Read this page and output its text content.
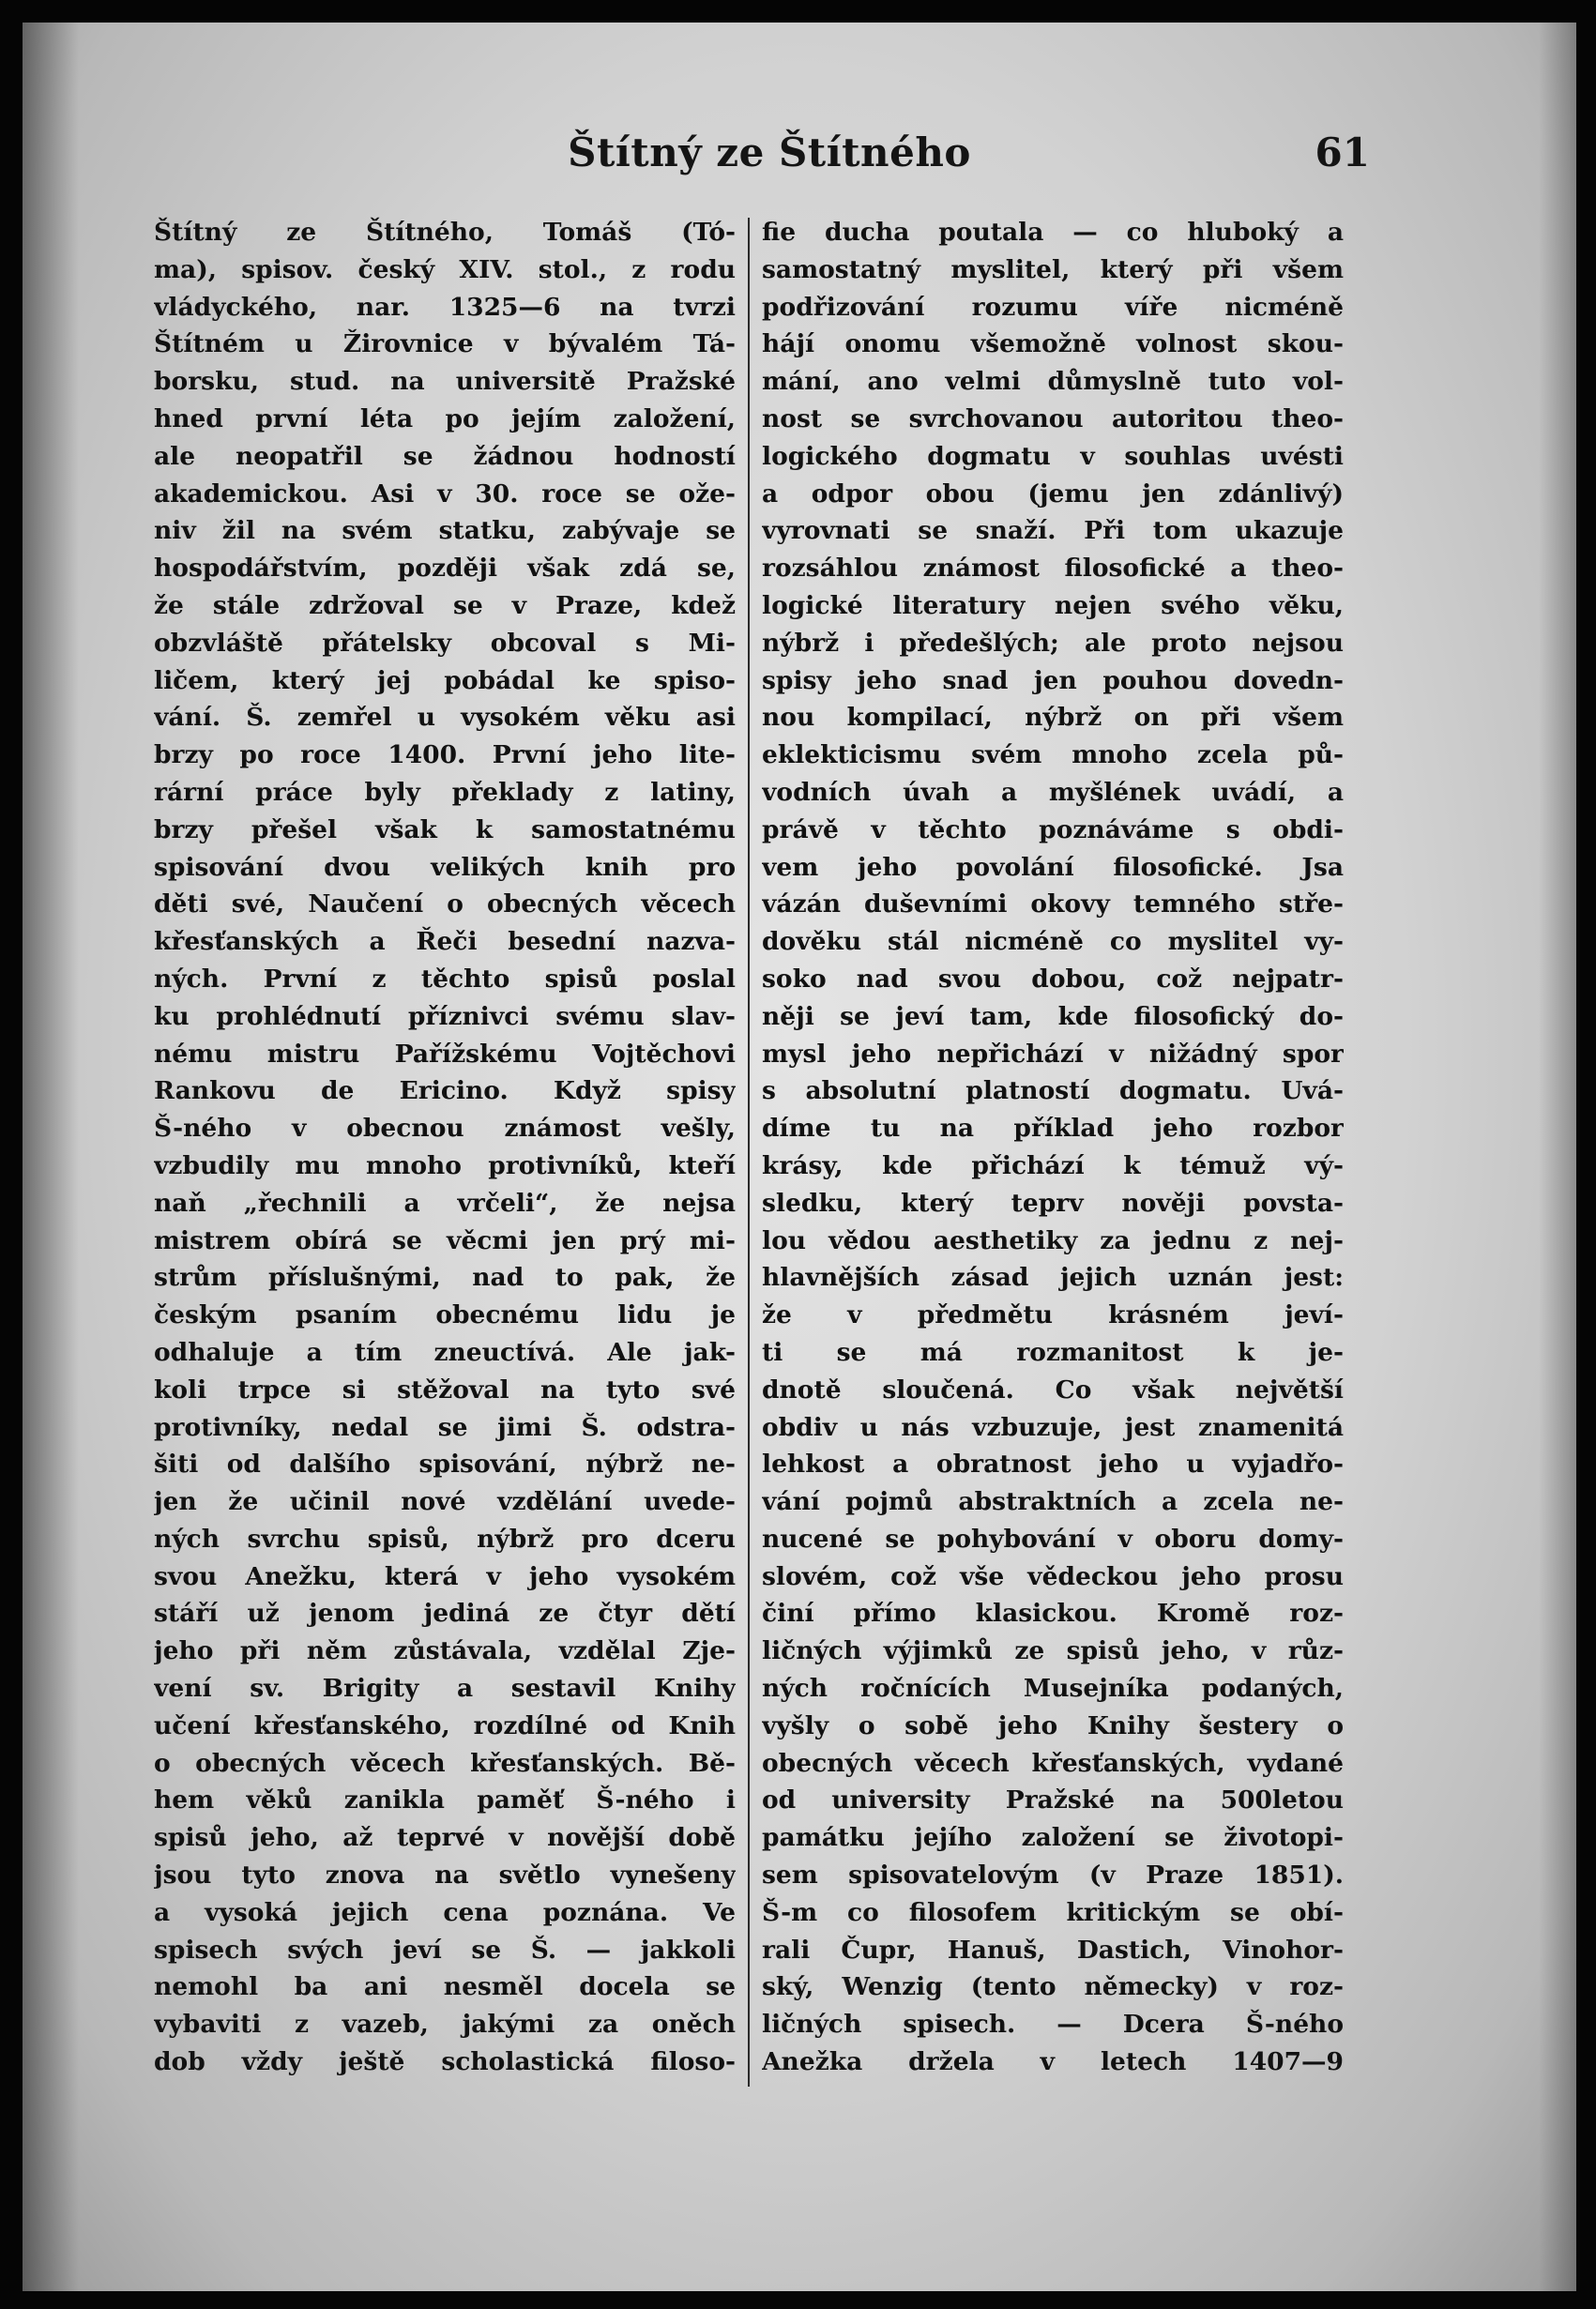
Štítný ze Štítného	61
Štítný ze Štítného, Tomáš (Tó-
ma), spisov. český XIV. stol., z rodu
vládyckého, nar. 1325—6 na tvrzi
Štítném u Žirovnice v bývalém Tá-
borsku, stud. na universitě Pražské
hned první léta po jejím založení,
ale neopatřil se žádnou hodností
akademickou. Asi v 30. roce se ože-
niv žil na svém statku, zabývaje se
hospodářstvím, později však zdá se,
že stále zdržoval se v Praze, kdež
obzvláště přátelsky obcoval s Mi-
ličem, který jej pobádal ke spiso-
vání. Š. zemřel u vysokém věku asi
brzy po roce 1400. První jeho lite-
rární práce byly překlady z latiny,
brzy přešel však k samostatnému
spisování dvou velikých knih pro
děti své, Naučení o obecných věcech
křesťanských a Řeči besední nazva-
ných. První z těchto spisů poslal
ku prohlédnutí příznivci svému slav-
nému mistru Pařížskému Vojtěchovi
Rankovu de Ericino. Když spisy
Š-ného v obecnou známost vešly,
vzbudily mu mnoho protivníků, kteří
naň „řechnili a vrčeli“, že nejsa
mistrem obírá se věcmi jen prý mi-
strům příslušnými, nad to pak, že
českým psaním obecnému lidu je
odhaluje a tím zneuctívá. Ale jak-
koli trpce si stěžoval na tyto své
protivníky, nedal se jimi Š. odstra-
šiti od dalšího spisování, nýbrž ne-
jen že učinil nové vzdělání uvede-
ných svrchu spisů, nýbrž pro dceru
svou Anežku, která v jeho vysokém
stáří už jenom jediná ze čtyr dětí
jeho při něm zůstávala, vzdělal Zje-
vení sv. Brigity a sestavil Knihy
učení křesťanského, rozdílné od Knih
o obecných věcech křesťanských. Bě-
hem věků zanikla paměť Š-ného i
spisů jeho, až teprvé v novější době
jsou tyto znova na světlo vynešeny
a vysoká jejich cena poznána. Ve
spisech svých jeví se Š. — jakkoli
nemohl ba ani nesměl docela se
vybaviti z vazeb, jakými za oněch
dob vždy ještě scholastická filoso-
fie ducha poutala — co hluboký a
samostatný myslitel, který při všem
podřizování rozumu víře nicméně
hájí onomu všemožně volnost skou-
mání, ano velmi důmyslně tuto vol-
nost se svrchovanou autoritou theo-
logického dogmatu v souhlas uvésti
a odpor obou (jemu jen zdánlivý)
vyrovnati se snaží. Při tom ukazuje
rozsáhlou známost filosofické a theo-
logické literatury nejen svého věku,
nýbrž i předešlých; ale proto nejsou
spisy jeho snad jen pouhou dovedn-
nou kompilací, nýbrž on při všem
eklekticismu svém mnoho zcela pů-
vodních úvah a myšlének uvádí, a
právě v těchto poznáváme s obdi-
vem jeho povolání filosofické. Jsa
vázán duševními okovy temného stře-
dověku stál nicméně co myslitel vy-
soko nad svou dobou, což nejpatr-
něji se jeví tam, kde filosofický do-
mysl jeho nepřichází v nižádný spor
s absolutní platností dogmatu. Uvá-
díme tu na příklad jeho rozbor
krásy, kde přichází k témuž vý-
sledku, který teprv nověji povsta-
lou vědou aesthetiky za jednu z nej-
hlavnějších zásad jejich uznán jest:
že v předmětu krásném jeví-
ti se má rozmanitost k je-
dnotě sloučená. Co však největší
obdiv u nás vzbuzuje, jest znamenitá
lehkost a obratnost jeho u vyjadřo-
vání pojmů abstraktních a zcela ne-
nucené se pohybování v oboru domy-
slovém, což vše vědeckou jeho prosu
činí přímo klasickou. Kromě roz-
ličných výjimků ze spisů jeho, v růz-
ných ročnících Musejníka podaných,
vyšly o sobě jeho Knihy šestery o
obecných věcech křesťanských, vydané
od university Pražské na 500letou
památku jejího založení se životopi-
sem spisovatelovým (v Praze 1851).
Š-m co filosofem kritickým se obí-
rali Čupr, Hanuš, Dastich, Vinohor-
ský, Wenzig (tento německy) v roz-
ličných spisech. — Dcera Š-ného
Anežka držela v letech 1407—9
